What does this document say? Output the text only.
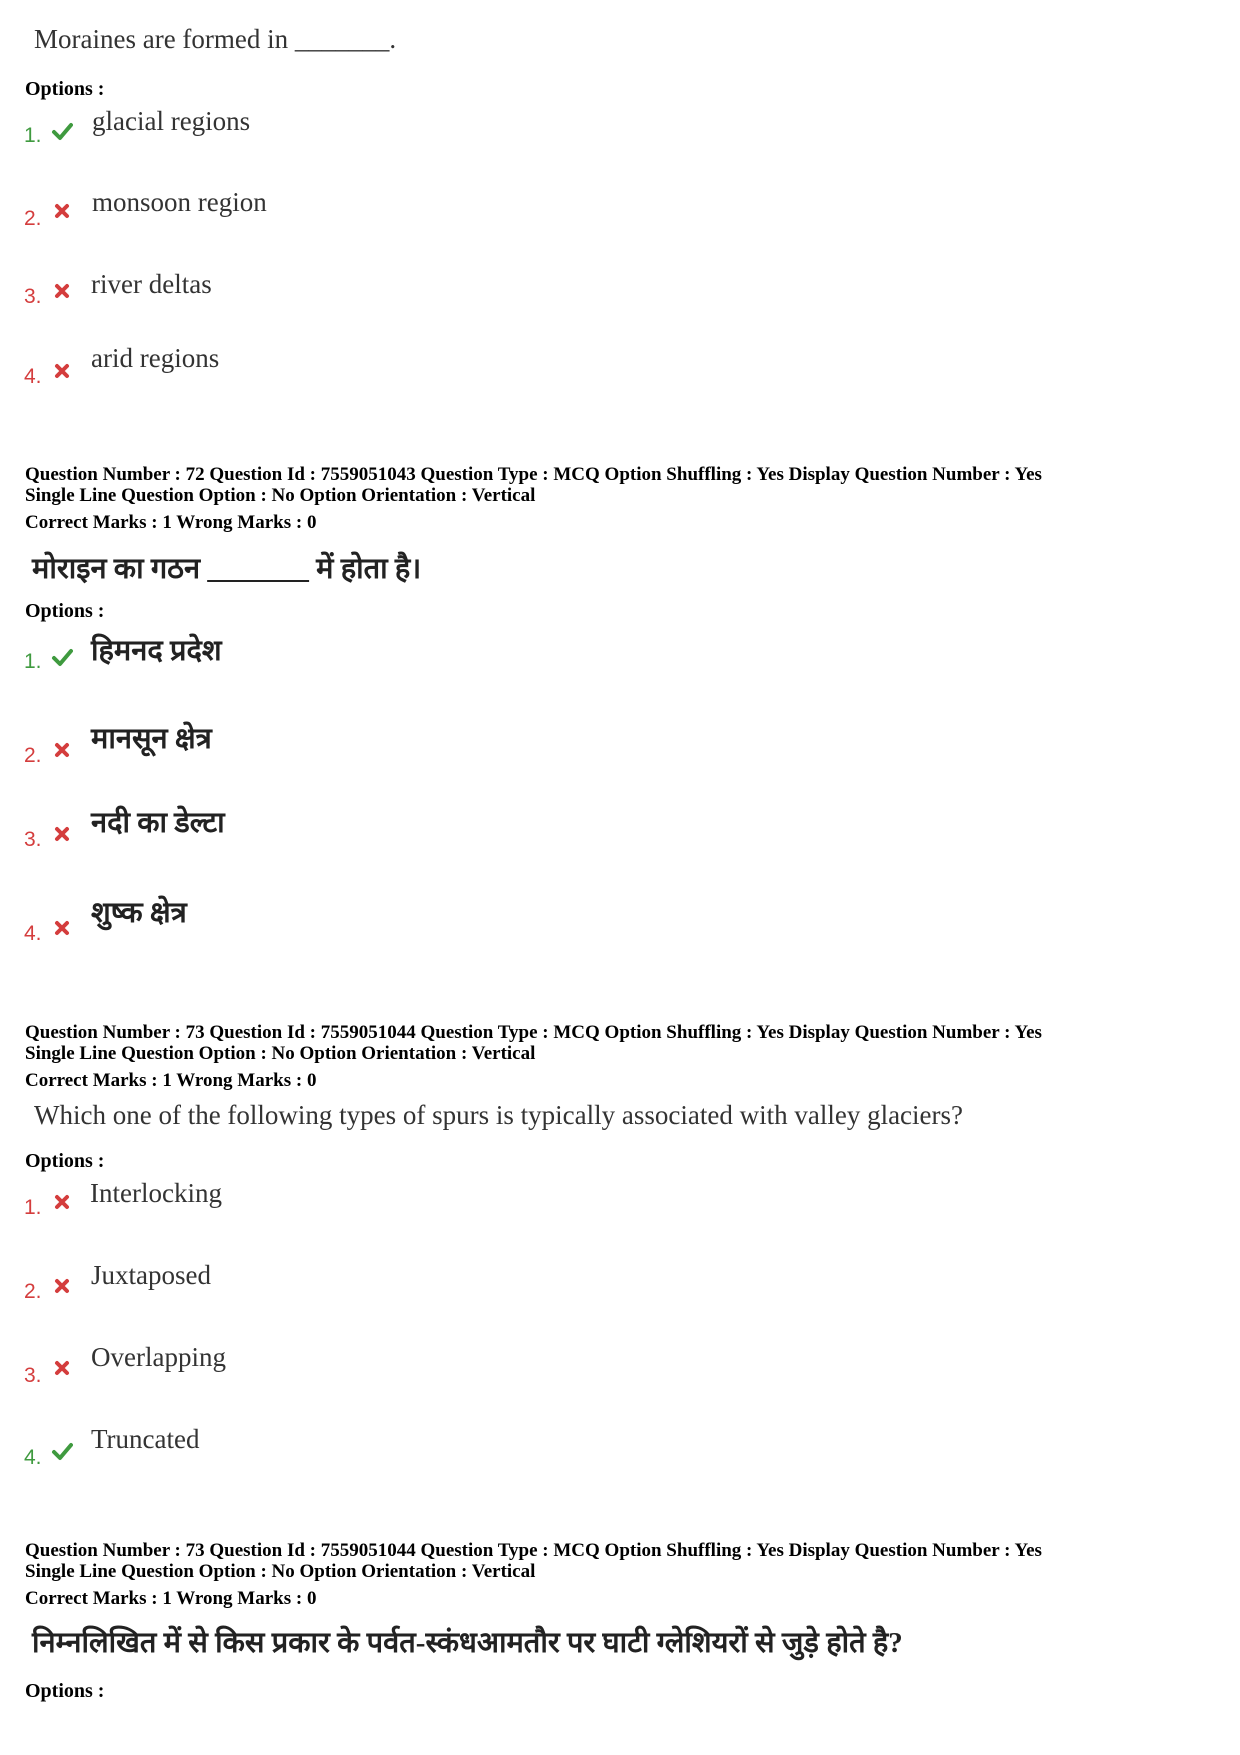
Moraines are formed in _______.
Options :
1. glacial regions
2.
monsoon region
3. river deltas
4.
arid regions
Question Number : 72 Question Id : 7559051043 Question Type : MCQ Option Shuffling : Yes Display Question Number : Yes
Single Line Question Option : No Option Orientation : Vertical
Correct Marks : 1 Wrong Marks : 0
मोराइन का गठन _______ में होता है।
Options :
1. हिमनद प्रदेश
2.
मानसून क्षेत्र
3.
नदी का डेल्टा
4.
शुष्क क्षेत्र
Question Number : 73 Question Id : 7559051044 Question Type : MCQ Option Shuffling : Yes Display Question Number : Yes
Single Line Question Option : No Option Orientation : Vertical
Correct Marks : 1 Wrong Marks : 0
Which one of the following types of spurs is typically associated with valley glaciers?
Options :
1. Interlocking
2.
Juxtaposed
3.
Overlapping
4.
Truncated
Question Number : 73 Question Id : 7559051044 Question Type : MCQ Option Shuffling : Yes Display Question Number : Yes
Single Line Question Option : No Option Orientation : Vertical
Correct Marks : 1 Wrong Marks : 0
निम्नलिखित में से किस प्रकार के पर्वत-स्कंधआमतौर पर घाटी ग्लेशियरों से जुड़े होते है?
Options :
